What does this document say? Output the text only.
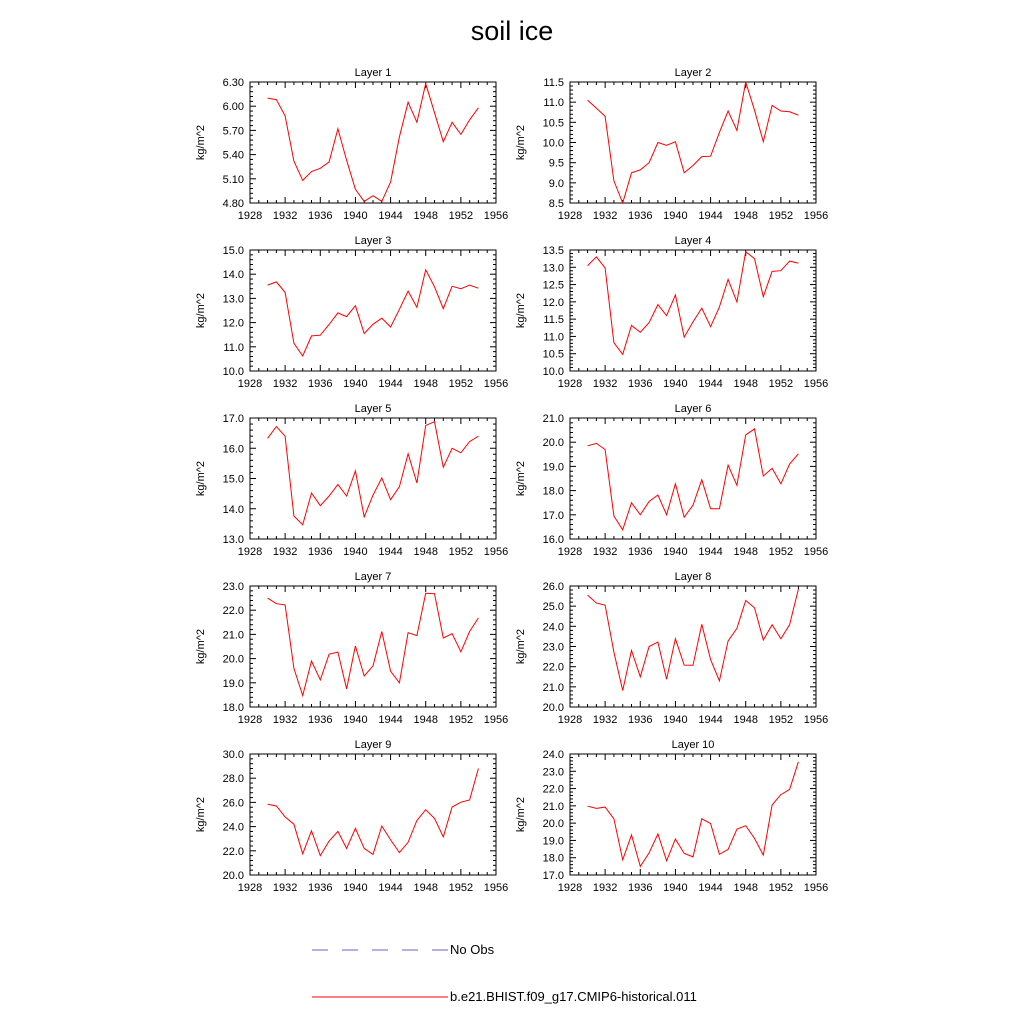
soil ice
Layer 1
kg/m^2
1928 1932 1936 1940 1944 1948 1952 1956
4.80
5.10
5.40
5.70
6.00
6.30
Layer 2
kg/m^2
1928 1932 1936 1940 1944 1948 1952 1956
8.5
9.0
9.5
10.0
10.5
11.0
11.5
Layer 3
kg/m^2
1928 1932 1936 1940 1944 1948 1952 1956
10.0
11.0
12.0
13.0
14.0
15.0
Layer 4
kg/m^2
1928 1932 1936 1940 1944 1948 1952 1956
10.0
10.5
11.0
11.5
12.0
12.5
13.0
13.5
Layer 5
kg/m^2
1928 1932 1936 1940 1944 1948 1952 1956
13.0
14.0
15.0
16.0
17.0
Layer 6
kg/m^2
1928 1932 1936 1940 1944 1948 1952 1956
16.0
17.0
18.0
19.0
20.0
21.0
Layer 7
kg/m^2
1928 1932 1936 1940 1944 1948 1952 1956
18.0
19.0
20.0
21.0
22.0
23.0
Layer 8
kg/m^2
1928 1932 1936 1940 1944 1948 1952 1956
20.0
21.0
22.0
23.0
24.0
25.0
26.0
Layer 9
kg/m^2
1928 1932 1936 1940 1944 1948 1952 1956
20.0
22.0
24.0
26.0
28.0
30.0
Layer 10
kg/m^2
1928 1932 1936 1940 1944 1948 1952 1956
17.0
18.0
19.0
20.0
21.0
22.0
23.0
24.0
No Obs
b.e21.BHIST.f09_g17.CMIP6-historical.011
